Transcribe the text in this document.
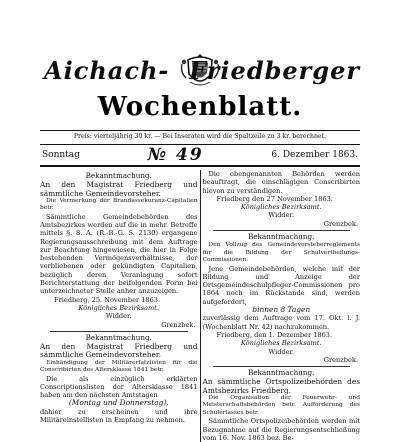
Aichach- Friedberger
Wochenblatt.
Preis: vierteljährig 30 kr. — Bei Inseraten wird die Spaltzeile zu 3 kr. berechnet.
Sonntag	№ 49	6. Dezember 1863.
Bekanntmachung.

An den Magistrat Friedberg und sämmtliche Gemeindevorsteher.

Die Vermerkung der Brandassekuranz-Capitalien betr.

Sämmtliche Gemeindebehörden des Amtsbezirkes werden auf die in mehr. Betreffe mittels §. 8. A. (R.-B.-G. S. 2130) ergangene Regierungsausschreibung mit dem Auftrage zur Beachtung hingewiesen, die hier in Folge bestehenden Vermögensverhältnisse, der verbliebenen oder gekündigten Capitalien, bezüglich deren Veranlagung sofort Berichterstattung der beifolgenden Form bei unterzeichneter Stelle anher anzuzeigen.

Friedberg, 25. November 1863.

Königliches Bezirksamt.

Widder.

Grenzbek.

Bekanntmachung.

An den Magistrat Friedberg und sämmtliche Gemeindevorsteher.

Einhändigung der Militärerfatzlisten für die Conscribirten des Altersklasse 1841 betr.

Die als einzüglich erklärten Conscriptionslisten der Altersklasse 1841 haben am den nächsten Amtstagen

(Montag und Donnerstag),

dahier zu erscheinen und ihre Militäreinstellisten in Empfang zu nehmen.

Die obengenannten Behörden werden beauftragt, die einschlägigen Conscribirten hievon zu verständigen.

Friedberg den 27 November 1863.

Königliches Bezirksamt.

Widder.

Grenzbek.

Bekanntmachung.

Den Vollzug des Gemeindevorsteherreglements für die Bildung der Schulvertheilungs-Commissionen.

Jene Gemeindebehörden, welche mit der Bildung und Anzeige der Ortsgemeindeschulpfleger-Commissionen pro 1864 noch im Rückstande sind, werden aufgefordert,

binnen 8 Tagen

zuverlässig dem Auftrage vom 17. Okt. l. J. (Wochenblatt Nr. 42) nachzukommen.

Friedberg, den 1. Dezember 1863.

Königliches Bezirksamt.

Widder.

Grenzbek.

Bekanntmachung.

An sämmtliche Ortspolizeibehörden des Amtsbezirks Friedberg.

Die Organisation der Feuerwehr- und Meisterschaftsbehörden betr. Aufforderung des Schulerlasses betr.

Sämmtliche Ortspolizeibehörden werden mit Bezugnahme auf die Regierungsentschließung vom 16. Nov. 1863 bez. Be-
